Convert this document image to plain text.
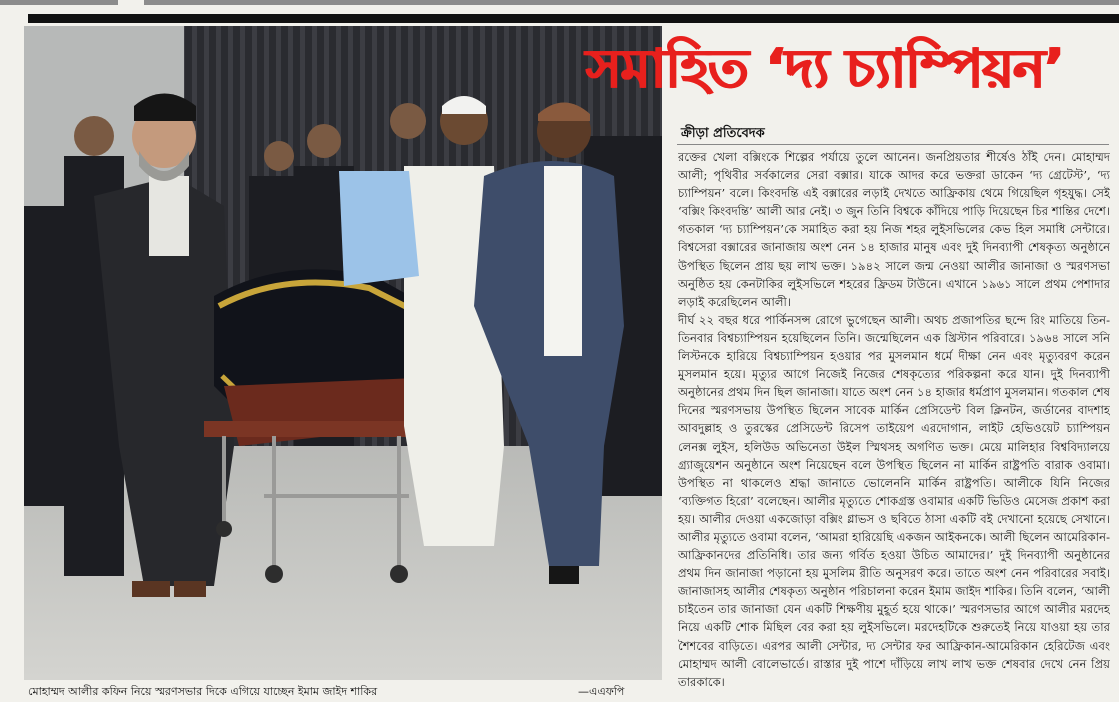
সমাহিত ‘দ্য চ্যাম্পিয়ন’
ক্রীড়া প্রতিবেদক

রক্তের খেলা বক্সিংকে শিল্পের পর্যায়ে তুলে আনেন। জনপ্রিয়তার শীর্ষেও ঠাঁই দেন। মোহাম্মদ আলী; পৃথিবীর সর্বকালের সেরা বক্সার। যাকে আদর করে ভক্তরা ডাকেন ‘দ্য গ্রেটেস্ট’, ‘দ্য চ্যাম্পিয়ন’ বলে। কিংবদন্তি এই বক্সারের লড়াই দেখতে আফ্রিকায় থেমে গিয়েছিল গৃহযুদ্ধ। সেই ‘বক্সিং কিংবদন্তি’ আলী আর নেই। ৩ জুন তিনি বিশ্বকে কাঁদিয়ে পাড়ি দিয়েছেন চির শান্তির দেশে। গতকাল ‘দ্য চ্যাম্পিয়ন’কে সমাহিত করা হয় নিজ শহর লুইসভিলের কেভ হিল সমাধি সেন্টারে। বিশ্বসেরা বক্সারের জানাজায় অংশ নেন ১৪ হাজার মানুষ এবং দুই দিনব্যাপী শেষকৃত্য অনুষ্ঠানে উপস্থিত ছিলেন প্রায় ছয় লাখ ভক্ত। ১৯৪২ সালে জন্ম নেওয়া আলীর জানাজা ও স্মরণসভা অনুষ্ঠিত হয় কেনটাকির লুইসভিলে শহরের ফ্রিডম টাউনে। এখানে ১৯৬১ সালে প্রথম পেশাদার লড়াই করেছিলেন আলী।

দীর্ঘ ২২ বছর ধরে পার্কিনসন্স রোগে ভুগেছেন আলী। অথচ প্রজাপতির ছন্দে রিং মাতিয়ে তিন-তিনবার বিশ্বচ্যাম্পিয়ন হয়েছিলেন তিনি। জন্মেছিলেন এক খ্রিস্টান পরিবারে। ১৯৬৪ সালে সনি লিস্টনকে হারিয়ে বিশ্বচ্যাম্পিয়ন হওয়ার পর মুসলমান ধর্মে দীক্ষা নেন এবং মৃত্যুবরণ করেন মুসলমান হয়ে। মৃত্যুর আগে নিজেই নিজের শেষকৃত্যের পরিকল্পনা করে যান। দুই দিনব্যাপী অনুষ্ঠানের প্রথম দিন ছিল জানাজা। যাতে অংশ নেন ১৪ হাজার ধর্মপ্রাণ মুসলমান। গতকাল শেষ দিনের স্মরণসভায় উপস্থিত ছিলেন সাবেক মার্কিন প্রেসিডেন্ট বিল ক্লিনটন, জর্ডানের বাদশাহ আবদুল্লাহ ও তুরস্কের প্রেসিডেন্ট রিসেপ তাইয়েপ এরদোগান, লাইট হেভিওয়েট চ্যাম্পিয়ন লেনক্স লুইস, হলিউড অভিনেতা উইল স্মিথসহ অগণিত ভক্ত। মেয়ে মালিহার বিশ্ববিদ্যালয়ে গ্র্যাজুয়েশন অনুষ্ঠানে অংশ নিয়েছেন বলে উপস্থিত ছিলেন না মার্কিন রাষ্ট্রপতি বারাক ওবামা। উপস্থিত না থাকলেও শ্রদ্ধা জানাতে ভোলেননি মার্কিন রাষ্ট্রপতি। আলীকে যিনি নিজের ‘ব্যক্তিগত হিরো’ বলেছেন। আলীর মৃত্যুতে শোকগ্রস্ত ওবামার একটি ভিডিও মেসেজ প্রকাশ করা হয়। আলীর দেওয়া একজোড়া বক্সিং গ্লাভস ও ছবিতে ঠাসা একটি বই দেখানো হয়েছে সেখানে। আলীর মৃত্যুতে ওবামা বলেন, ‘আমরা হারিয়েছি একজন আইকনকে। আলী ছিলেন আমেরিকান-আফ্রিকানদের প্রতিনিধি। তার জন্য গর্বিত হওয়া উচিত আমাদের।’ দুই দিনব্যাপী অনুষ্ঠানের প্রথম দিন জানাজা পড়ানো হয় মুসলিম রীতি অনুসরণ করে। তাতে অংশ নেন পরিবারের সবাই। জানাজাসহ আলীর শেষকৃত্য অনুষ্ঠান পরিচালনা করেন ইমাম জাইদ শাকির। তিনি বলেন, ‘আলী চাইতেন তার জানাজা যেন একটি শিক্ষণীয় মুহূর্ত হয়ে থাকে।’ স্মরণসভার আগে আলীর মরদেহ নিয়ে একটি শোক মিছিল বের করা হয় লুইসভিলে। মরদেহটিকে শুরুতেই নিয়ে যাওয়া হয় তার শৈশবের বাড়িতে। এরপর আলী সেন্টার, দ্য সেন্টার ফর আফ্রিকান-আমেরিকান হেরিটেজ এবং মোহাম্মদ আলী বোলেভার্ডে। রাস্তার দুই পাশে দাঁড়িয়ে লাখ লাখ ভক্ত শেষবার দেখে নেন প্রিয় তারকাকে।

মোহাম্মদ আলীর কফিন নিয়ে স্মরণসভার দিকে এগিয়ে যাচ্ছেন ইমাম জাইদ শাকির	—এএফপি
